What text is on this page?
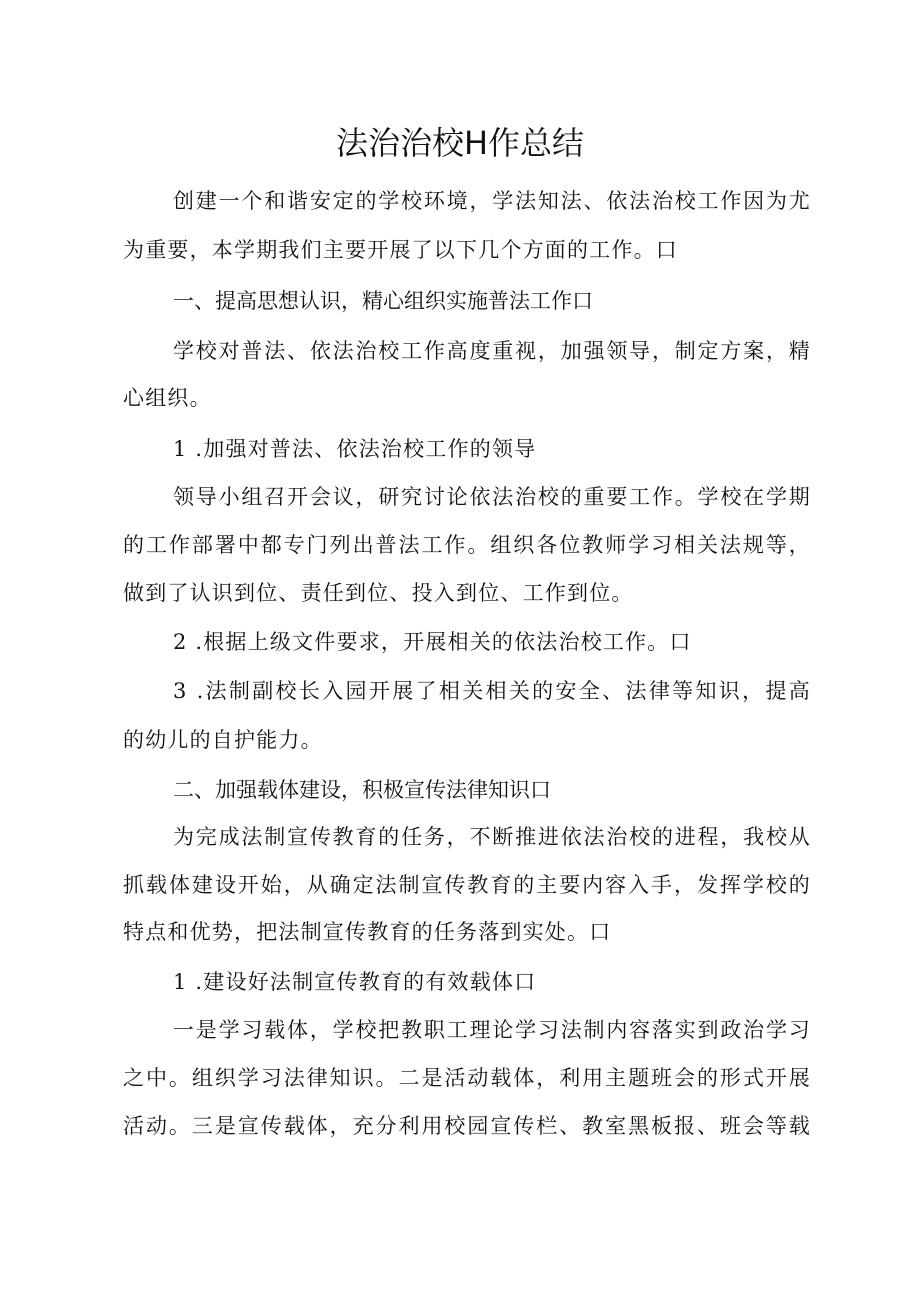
法治治校H作总结
创建一个和谐安定的学校环境，学法知法、依法治校工作因为尤
为重要，本学期我们主要开展了以下几个方面的工作。口
一、提高思想认识，精心组织实施普法工作口
学校对普法、依法治校工作高度重视，加强领导，制定方案，精
心组织。
1 .加强对普法、依法治校工作的领导
领导小组召开会议，研究讨论依法治校的重要工作。学校在学期
的工作部署中都专门列出普法工作。组织各位教师学习相关法规等，
做到了认识到位、责任到位、投入到位、工作到位。
2 .根据上级文件要求，开展相关的依法治校工作。口
3 .法制副校长入园开展了相关相关的安全、法律等知识，提高
的幼儿的自护能力。
二、加强载体建设，积极宣传法律知识口
为完成法制宣传教育的任务，不断推进依法治校的进程，我校从
抓载体建设开始，从确定法制宣传教育的主要内容入手，发挥学校的
特点和优势，把法制宣传教育的任务落到实处。口
1 .建设好法制宣传教育的有效载体口
一是学习载体，学校把教职工理论学习法制内容落实到政治学习
之中。组织学习法律知识。二是活动载体，利用主题班会的形式开展
活动。三是宣传载体，充分利用校园宣传栏、教室黑板报、班会等载
